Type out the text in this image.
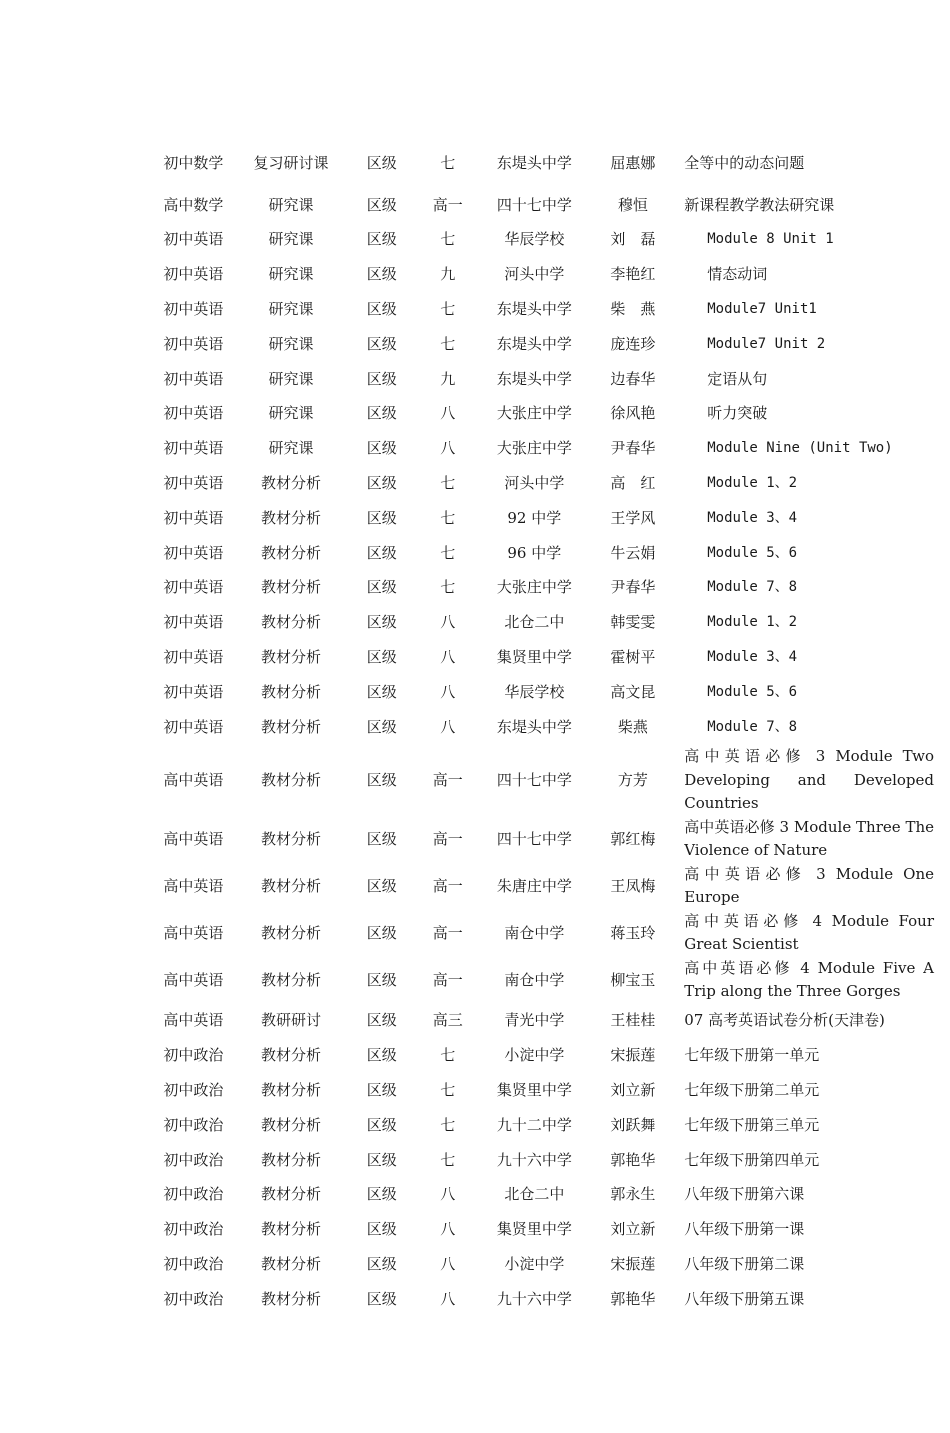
初中数学	复习研讨课	区级	七	东堤头中学	屈惠娜	全等中的动态问题
高中数学	研究课	区级	高一	四十七中学	穆恒	新课程教学教法研究课
初中英语	研究课	区级	七	华辰学校	刘　磊	Module 8 Unit 1
初中英语	研究课	区级	九	河头中学	李艳红	情态动词
初中英语	研究课	区级	七	东堤头中学	柴　燕	Module7 Unit1
初中英语	研究课	区级	七	东堤头中学	庞连珍	Module7 Unit 2
初中英语	研究课	区级	九	东堤头中学	边春华	定语从句
初中英语	研究课	区级	八	大张庄中学	徐风艳	听力突破
初中英语	研究课	区级	八	大张庄中学	尹春华	Module Nine (Unit Two)
初中英语	教材分析	区级	七	河头中学	高　红	Module 1、2
初中英语	教材分析	区级	七	92 中学	王学风	Module 3、4
初中英语	教材分析	区级	七	96 中学	牛云娟	Module 5、6
初中英语	教材分析	区级	七	大张庄中学	尹春华	Module 7、8
初中英语	教材分析	区级	八	北仓二中	韩雯雯	Module 1、2
初中英语	教材分析	区级	八	集贤里中学	霍树平	Module 3、4
初中英语	教材分析	区级	八	华辰学校	高文昆	Module 5、6
初中英语	教材分析	区级	八	东堤头中学	柴燕	Module 7、8
高中英语	教材分析	区级	高一	四十七中学	方芳	高中英语必修 3 Module Two Developing and Developed Countries
高中英语	教材分析	区级	高一	四十七中学	郭红梅	高中英语必修 3 Module Three The Violence of Nature
高中英语	教材分析	区级	高一	朱唐庄中学	王凤梅	高中英语必修 3 Module One Europe
高中英语	教材分析	区级	高一	南仓中学	蒋玉玲	高中英语必修 4 Module Four Great Scientist
高中英语	教材分析	区级	高一	南仓中学	柳宝玉	高中英语必修 4 Module Five A Trip along the Three Gorges
高中英语	教研研讨	区级	高三	青光中学	王桂桂	07 高考英语试卷分析(天津卷)
初中政治	教材分析	区级	七	小淀中学	宋振莲	七年级下册第一单元
初中政治	教材分析	区级	七	集贤里中学	刘立新	七年级下册第二单元
初中政治	教材分析	区级	七	九十二中学	刘跃舞	七年级下册第三单元
初中政治	教材分析	区级	七	九十六中学	郭艳华	七年级下册第四单元
初中政治	教材分析	区级	八	北仓二中	郭永生	八年级下册第六课
初中政治	教材分析	区级	八	集贤里中学	刘立新	八年级下册第一课
初中政治	教材分析	区级	八	小淀中学	宋振莲	八年级下册第二课
初中政治	教材分析	区级	八	九十六中学	郭艳华	八年级下册第五课
